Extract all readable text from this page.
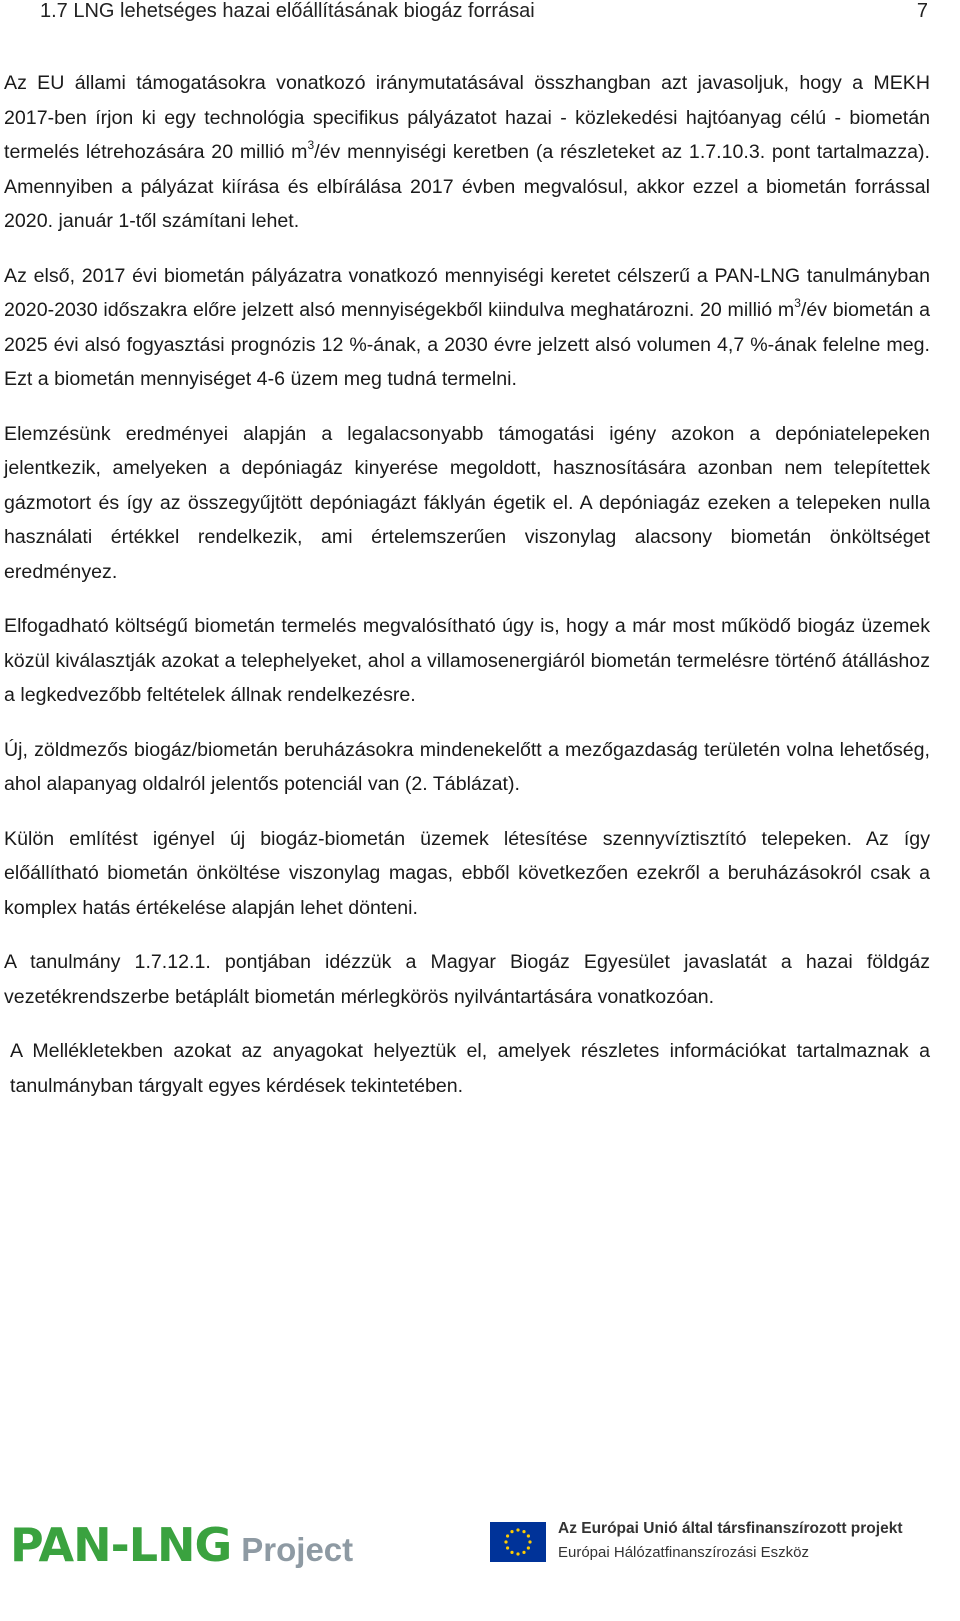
1.7 LNG lehetséges hazai előállításának biogáz forrásai	7

Az EU állami támogatásokra vonatkozó iránymutatásával összhangban azt javasoljuk, hogy a MEKH 2017-ben írjon ki egy technológia specifikus pályázatot hazai - közlekedési hajtóanyag célú - biometán termelés létrehozására 20 millió $m^3/év$ mennyiségi keretben (a részleteket az 1.7.10.3. pont tartalmazza). Amennyiben a pályázat kiírása és elbírálása 2017 évben megvalósul, akkor ezzel a biometán forrással 2020. január 1-től számítani lehet.

Az első, 2017 évi biometán pályázatra vonatkozó mennyiségi keretet célszerű a PAN-LNG tanulmányban 2020-2030 időszakra előre jelzett alsó mennyiségekből kiindulva meghatározni. 20 millió $m^3/év$ biometán a 2025 évi alsó fogyasztási prognózis 12 %-ának, a 2030 évre jelzett alsó volumen 4,7 %-ának felelne meg. Ezt a biometán mennyiséget 4-6 üzem meg tudná termelni.

Elemzésünk eredményei alapján a legalacsonyabb támogatási igény azokon a depóniatelepeken jelentkezik, amelyeken a depóniagáz kinyerése megoldott, hasznosítására azonban nem telepítettek gázmotort és így az összegyűjtött depóniagázt fáklyán égetik el. A depóniagáz ezeken a telepeken nulla használati értékkel rendelkezik, ami értelemszerűen viszonylag alacsony biometán önköltséget eredményez.

Elfogadható költségű biometán termelés megvalósítható úgy is, hogy a már most működő biogáz üzemek közül kiválasztják azokat a telephelyeket, ahol a villamosenergiáról biometán termelésre történő átálláshoz a legkedvezőbb feltételek állnak rendelkezésre.

Új, zöldmezős biogáz/biometán beruházásokra mindenekelőtt a mezőgazdaság területén volna lehetőség, ahol alapanyag oldalról jelentős potenciál van (2. Táblázat).

Külön említést igényel új biogáz-biometán üzemek létesítése szennyvíztisztító telepeken. Az így előállítható biometán önköltése viszonylag magas, ebből következően ezekről a beruházásokról csak a komplex hatás értékelése alapján lehet dönteni.

A tanulmány 1.7.12.1. pontjában idézzük a Magyar Biogáz Egyesület javaslatát a hazai földgáz vezetékrendszerbe betáplált biometán mérlegkörös nyilvántartására vonatkozóan.

A Mellékletekben azokat az anyagokat helyeztük el, amelyek részletes információkat tartalmaznak a tanulmányban tárgyalt egyes kérdések tekintetében.

PAN-LNG Project
Az Európai Unió által társfinanszírozott projekt
Európai Hálózatfinanszírozási Eszköz
